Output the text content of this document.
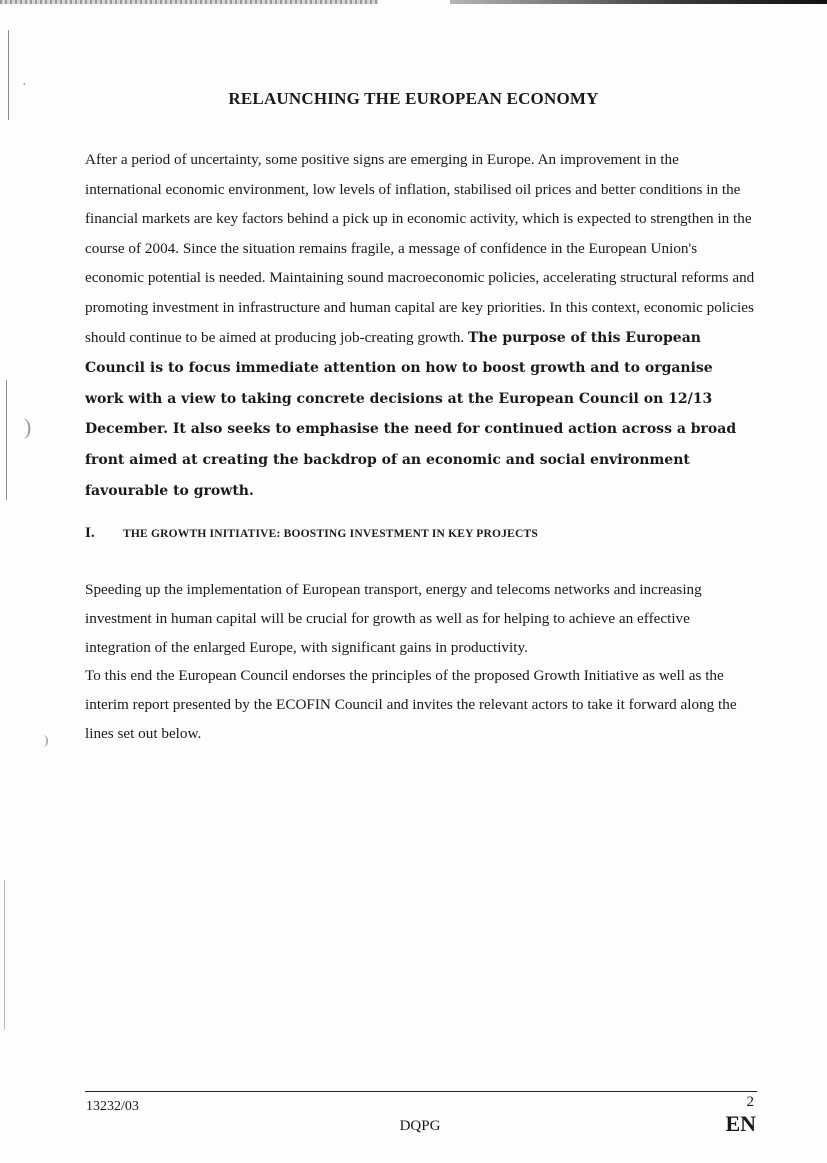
·
)
)
RELAUNCHING THE EUROPEAN ECONOMY

After a period of uncertainty, some positive signs are emerging in Europe. An improvement in the international economic environment, low levels of inflation, stabilised oil prices and better conditions in the financial markets are key factors behind a pick up in economic activity, which is expected to strengthen in the course of 2004. Since the situation remains fragile, a message of confidence in the European Union's economic potential is needed. Maintaining sound macroeconomic policies, accelerating structural reforms and promoting investment in infrastructure and human capital are key priorities. In this context, economic policies should continue to be aimed at producing job-creating growth. The purpose of this European Council is to focus immediate attention on how to boost growth and to organise work with a view to taking concrete decisions at the European Council on 12/13 December. It also seeks to emphasise the need for continued action across a broad front aimed at creating the backdrop of an economic and social environment favourable to growth.

I. THE GROWTH INITIATIVE: BOOSTING INVESTMENT IN KEY PROJECTS

Speeding up the implementation of European transport, energy and telecoms networks and increasing investment in human capital will be crucial for growth as well as for helping to achieve an effective integration of the enlarged Europe, with significant gains in productivity.

To this end the European Council endorses the principles of the proposed Growth Initiative as well as the interim report presented by the ECOFIN Council and invites the relevant actors to take it forward along the lines set out below.

13232/03
DQPG
2
EN
